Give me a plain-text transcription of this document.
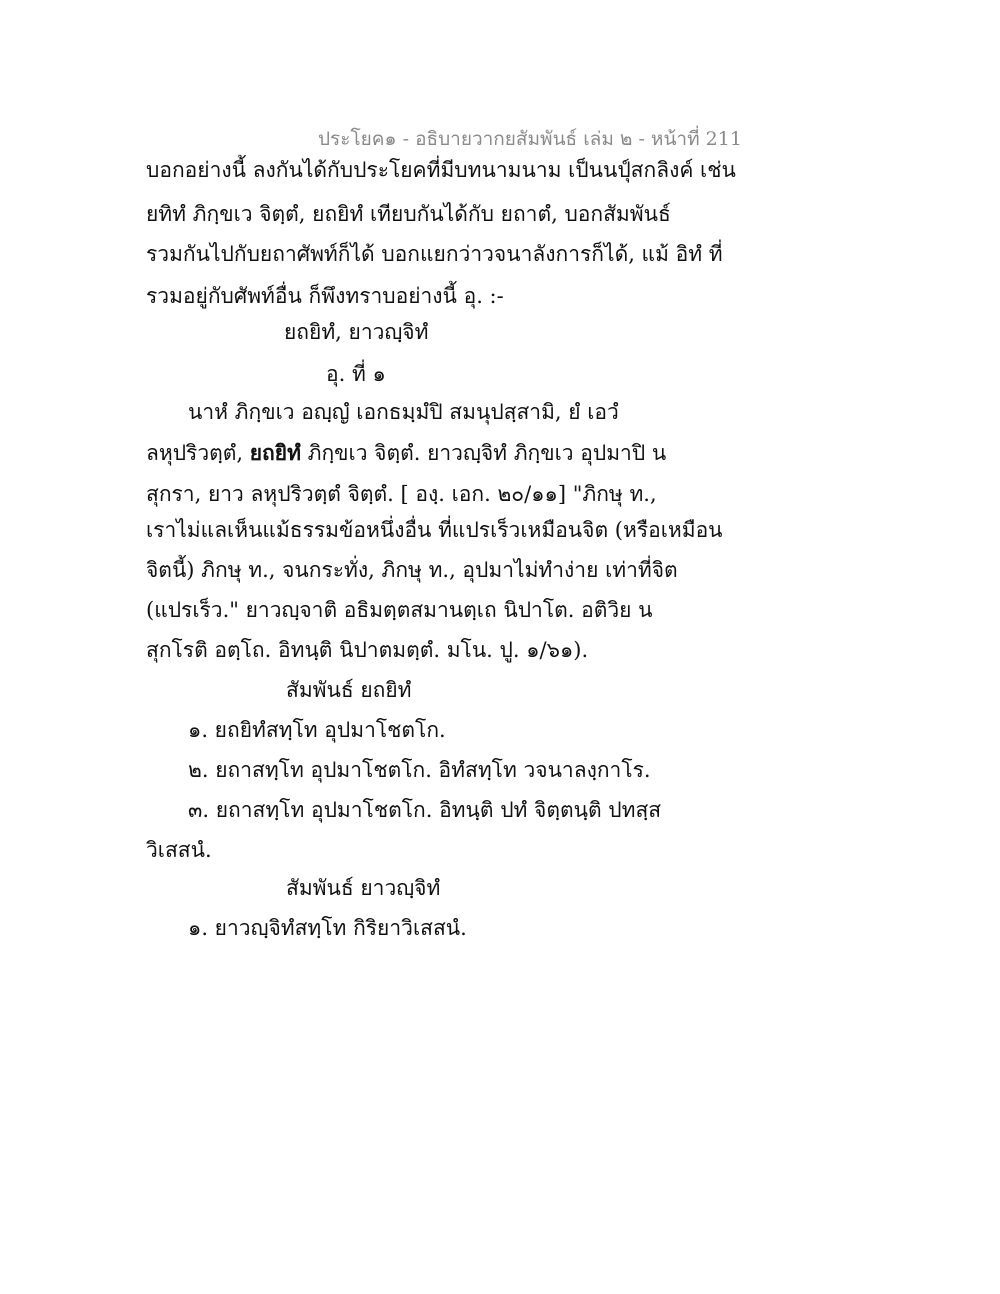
ประโยค๑ - อธิบายวากยสัมพันธ์ เล่ม ๒ - หน้าที่ 211
บอกอย่างนี้ ลงกันได้กับประโยคที่มีบทนามนาม เป็นนปุ์สกลิงค์ เช่น
ยทิทํ ภิกฺขเว จิตฺตํ, ยถยิทํ เทียบกันได้กับ ยถาตํ, บอกสัมพันธ์
รวมกันไปกับยถาศัพท์ก็ได้ บอกแยกว่าวจนาลังการก็ได้, แม้ อิทํ ที่
รวมอยู่กับศัพท์อื่น ก็พึงทราบอย่างนี้ อุ. :-
ยถยิทํ, ยาวญฺจิทํ
อุ. ที่ ๑
นาหํ ภิกฺขเว อญฺญํ เอกธมฺมํปิ สมนุปสฺสามิ, ยํ เอวํ
ลหุปริวตฺตํ, ยถยิทํ ภิกฺขเว จิตฺตํ. ยาวญฺจิทํ ภิกฺขเว อุปมาปิ น
สุกรา, ยาว ลหุปริวตฺตํ จิตฺตํ. [ องฺ. เอก. ๒๐/๑๑] "ภิกษุ ท.,
เราไม่แลเห็นแม้ธรรมข้อหนึ่งอื่น ที่แปรเร็วเหมือนจิต (หรือเหมือน
จิตนี้) ภิกษุ ท., จนกระทั่ง, ภิกษุ ท., อุปมาไม่ทำง่าย เท่าที่จิต
(แปรเร็ว." ยาวญฺจาติ อธิมตฺตสมานตฺเถ นิปาโต. อติวิย น
สุกโรติ อตฺโถ. อิทนฺติ นิปาตมตฺตํ. มโน. ปู. ๑/๖๑).
สัมพันธ์ ยถยิทํ
๑. ยถยิทํสทฺโท อุปมาโชตโก.
๒. ยถาสทฺโท อุปมาโชตโก. อิทํสทฺโท วจนาลงฺกาโร.
๓. ยถาสทฺโท อุปมาโชตโก. อิทนฺติ ปทํ จิตฺตนฺติ ปทสฺส
วิเสสนํ.
สัมพันธ์ ยาวญฺจิทํ
๑. ยาวญฺจิทํสทฺโท กิริยาวิเสสนํ.
